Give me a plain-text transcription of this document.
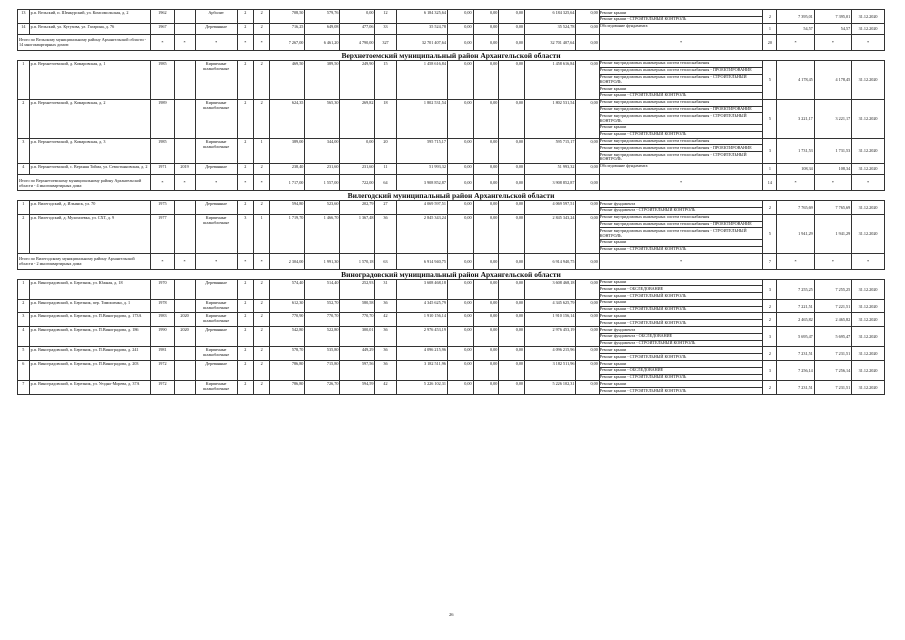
13	р.п. Вельский, п. Шенкурский, ул. Комсомольская, д. 2	1962		Арболит	2	2	708,50	579,76	0,00	12	6 184 325,64	0,00	0,00	0,00	6 184 325,64	0,00	Ремонт крыши
Ремонт крыши - СТРОИТЕЛЬНЫЙ КОНТРОЛЬ	2	7 395,01	7 395,01	31.12.2020
14	р.п. Вельский, ул. Кутузова, ул. Гагарина, д. 76	1967		Деревянные	2	2	716,25	649,08	477,06	33	35 524,78	0,00	0,00	0,00	35 524,78	0,00	Обследование фундамента	1	54,57	54,57	31.12.2020
Итого по Вельскому муниципальному району Архангельской области - 14 многоквартирных домов:		*	*	*	*	*	7 267,00	6 461,20	4 790,00	327	32 701 407,64	0,00	0,00	0,00	32 701 407,64	0,00	*	20	*	*	*
Верхнетоемский муниципальный район Архангельской области																					
1	р.п. Верхнетоемский, д. Комаровская, д. 1	1985		Кирпичные шлакоблочные	2	2	469,50	389,50	249,90	15	1 458 616,84	0,00	0,00	0,00	1 458 616,84	0,00	Ремонт внутридомовых инженерных систем теплоснабжения
Ремонт внутридомовых инженерных систем теплоснабжения - ПРОЕКТИРОВАНИЕ
Ремонт внутридомовых инженерных систем теплоснабжения - СТРОИТЕЛЬНЫЙ КОНТРОЛЬ
Ремонт крыши
Ремонт крыши - СТРОИТЕЛЬНЫЙ КОНТРОЛЬ	5	4 178,45	4 178,45	31.12.2020
2	р.п. Верхнетоемский, д. Комаровская, д. 2	1989		Кирпичные шлакоблочные	2	2	624,35	565,30	269,82	18	1 802 531,54	0,00	0,00	0,00	1 802 531,54	0,00	Ремонт внутридомовых инженерных систем теплоснабжения
Ремонт внутридомовых инженерных систем теплоснабжения - ПРОЕКТИРОВАНИЕ
Ремонт внутридомовых инженерных систем теплоснабжения - СТРОИТЕЛЬНЫЙ КОНТРОЛЬ
Ремонт крыши
Ремонт крыши - СТРОИТЕЛЬНЫЙ КОНТРОЛЬ	5	3 221,17	3 221,17	31.12.2020
3	р.п. Верхнетоемский, д. Комаровская, д. 3	1985		Кирпичные шлакоблочные	2	1	389,00	344,00	0,00	20	595 715,17	0,00	0,00	0,00	595 715,17	0,00	Ремонт внутридомовых инженерных систем теплоснабжения
Ремонт внутридомовых инженерных систем теплоснабжения - ПРОЕКТИРОВАНИЕ
Ремонт внутридомовых инженерных систем теплоснабжения - СТРОИТЕЛЬНЫЙ КОНТРОЛЬ	3	1 731,53	1 731,53	31.12.2020
4	р.п. Верхнетоемский, с. Верхняя Тойма, ул. Севастьяновская, д. 2	1971	2019	Деревянные	2	2	238,40	231,60	231,60	11	51 993,32	0,00	0,00	0,00	51 993,32	0,00	Обследование фундамента	1	108,34	108,34	31.12.2020
Итого по Верхнетоемскому муниципальному району Архангельской области - 4 многоквартирных дома:		*	*	*	*	*	1 717,00	1 557,00	722,00	64	3 908 852,87	0,00	0,00	0,00	3 908 852,87	0,00	*	14	*	*	*
Вилегодский муниципальный район Архангельской области																					
1	р.п. Вилегодский, д. Ильинск, ул. 70	1975		Деревянные	2	2	594,80	523,60	202,79	27	4 069 597,51	0,00	0,00	0,00	4 069 597,51	0,00	Ремонт фундамента
Ремонт фундамента - СТРОИТЕЛЬНЫЙ КОНТРОЛЬ	2	7 765,69	7 765,69	31.12.2020
2	р.п. Вилегодский, д. Мухомлевка, ул. СХТ, д. 9	1977		Кирпичные шлакоблочные	3	1	1 719,70	1 466,70	1 367,48	36	2 845 343,24	0,00	0,00	0,00	2 845 343,24	0,00	Ремонт внутридомовых инженерных систем теплоснабжения
Ремонт внутридомовых инженерных систем теплоснабжения - ПРОЕКТИРОВАНИЕ
Ремонт внутридомовых инженерных систем теплоснабжения - СТРОИТЕЛЬНЫЙ КОНТРОЛЬ
Ремонт крыши
Ремонт крыши - СТРОИТЕЛЬНЫЙ КОНТРОЛЬ	5	1 941,29	1 941,29	31.12.2020
Итого по Вилегодскому муниципальному району Архангельской области - 2 многоквартирных дома:		*	*	*	*	*	2 304,00	1 991,30	1 570,18	63	6 914 940,75	0,00	0,00	0,00	6 914 940,75	0,00	*	7	*	*	*
Виноградовский муниципальный район Архангельской области																					
1	р.п. Виноградовский, п. Березник, ул. Южная, д. 18	1970		Деревянные	2	2	574,40	514,40	252,93	31	3 608 468,18	0,00	0,00	0,00	3 608 468,18	0,00	Ремонт крыши
Ремонт крыши - ОБСЛЕДОВАНИЕ
Ремонт крыши - СТРОИТЕЛЬНЫЙ КОНТРОЛЬ	3	7 255,25	7 255,25	31.12.2020
2	р.п. Виноградовский, п. Березник, пер. Тимошенко, д. 1	1978		Кирпичные шлакоблочные	2	2	612,30	552,70	580,58	36	4 345 625,79	0,00	0,00	0,00	4 345 625,79	0,00	Ремонт крыши
Ремонт крыши - СТРОИТЕЛЬНЫЙ КОНТРОЛЬ	2	7 221,51	7 221,51	31.12.2020
3	р.п. Виноградовский, п. Березник, ул. П.Виноградова, д. 173А	1983	2020	Кирпичные шлакоблочные	2	2	770,90	770,70	770,70	42	1 910 156,14	0,00	0,00	0,00	1 910 156,14	0,00	Ремонт крыши
Ремонт крыши - СТРОИТЕЛЬНЫЙ КОНТРОЛЬ	2	2 465,82	2 465,82	31.12.2020
4	р.п. Виноградовский, п. Березник, ул. П.Виноградова, д. 186	1990	2020	Деревянные	2	2	542,80	522,80	300,01	36	2 976 453,19	0,00	0,00	0,00	2 976 453,19	0,00	Ремонт фундамента
Ремонт фундамента - ОБСЛЕДОВАНИЕ
Ремонт фундамента - СТРОИТЕЛЬНЫЙ КОНТРОЛЬ	3	5 695,47	5 695,47	31.12.2020
5	р.п. Виноградовский, п. Березник, ул. П.Виноградова, д. 241	1981		Кирпичные шлакоблочные	2	2	578,70	535,80	449,29	36	4 096 215,96	0,00	0,00	0,00	4 096 215,96	0,00	Ремонт крыши
Ремонт крыши - СТРОИТЕЛЬНЫЙ КОНТРОЛЬ	2	7 231,51	7 231,51	31.12.2020
6	р.п. Виноградовский, п. Березник, ул. П.Виноградова, д. 203	1972		Деревянные	2	2	786,80	715,80	597,56	36	3 182 511,96	0,00	0,00	0,00	3 182 511,96	0,00	Ремонт крыши
Ремонт крыши - ОБСЛЕДОВАНИЕ
Ремонт крыши - СТРОИТЕЛЬНЫЙ КОНТРОЛЬ	3	7 256,14	7 256,14	31.12.2020
7	р.п. Виноградовский, п. Березник, ул. Уездно-Морева, д. 37А	1972		Кирпичные шлакоблочные	2	2	786,80	726,70	594,59	42	5 226 102,31	0,00	0,00	0,00	5 226 102,31	0,00	Ремонт крыши
Ремонт крыши - СТРОИТЕЛЬНЫЙ КОНТРОЛЬ	2	7 231,51	7 231,51	31.12.2020
26
